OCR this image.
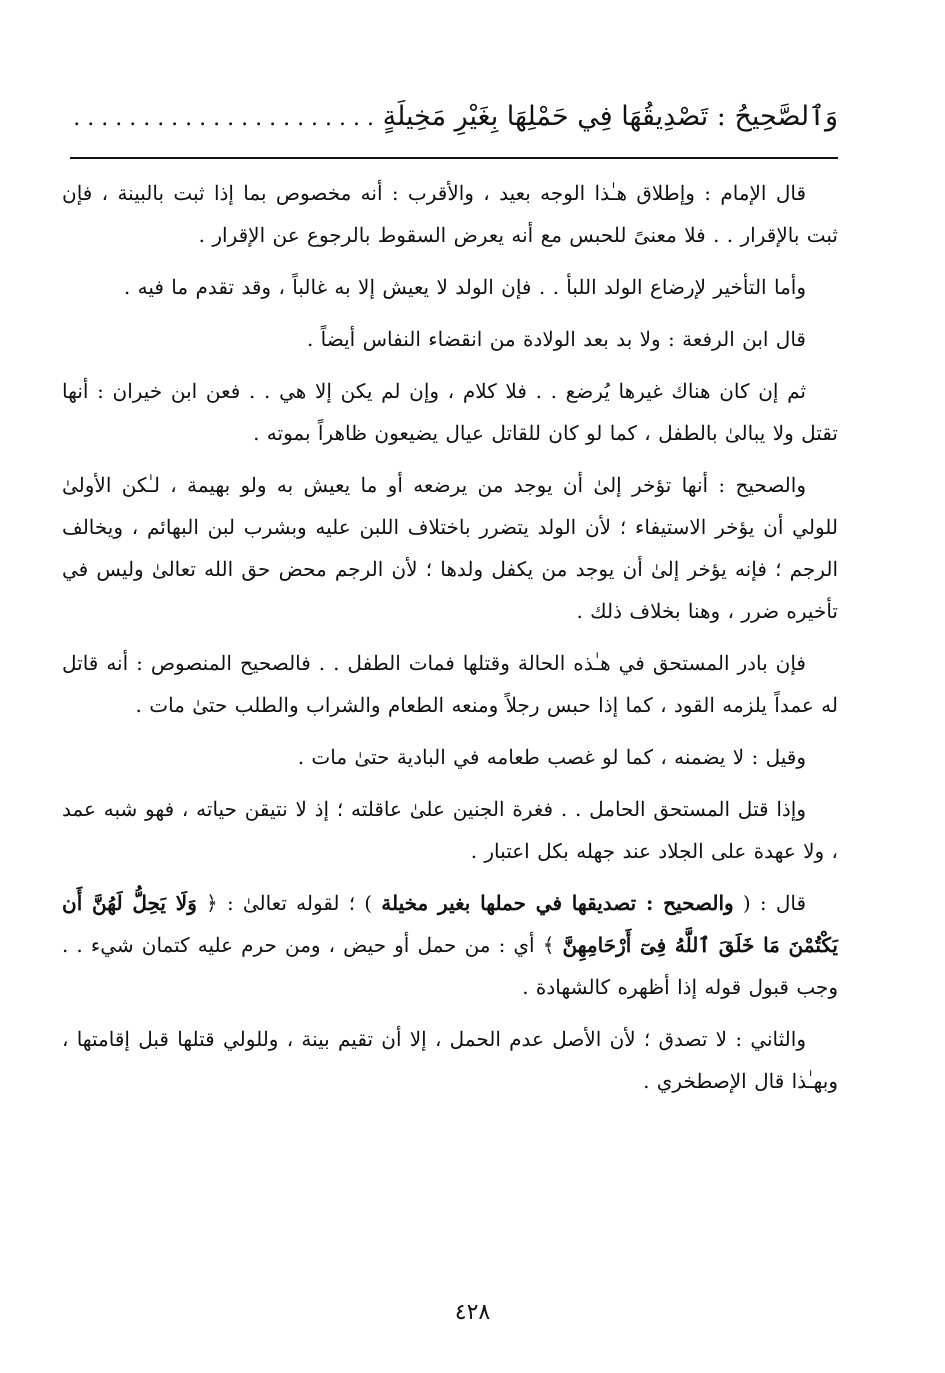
وَٱلصَّحِيحُ : تَصْدِيقُهَا فِي حَمْلِهَا بِغَيْرِ مَخِيلَةٍ . . . . . . . . . . . . . . . . . . . . . .

قال الإمام : وإطلاق هـٰذا الوجه بعيد ، والأقرب : أنه مخصوص بما إذا ثبت بالبينة ، فإن ثبت بالإقرار . . فلا معنىً للحبس مع أنه يعرض السقوط بالرجوع عن الإقرار .

وأما التأخير لإرضاع الولد اللبأ . . فإن الولد لا يعيش إلا به غالباً ، وقد تقدم ما فيه .

قال ابن الرفعة : ولا بد بعد الولادة من انقضاء النفاس أيضاً .

ثم إن كان هناك غيرها يُرضع . . فلا كلام ، وإن لم يكن إلا هي . . فعن ابن خيران : أنها تقتل ولا يبالىٰ بالطفل ، كما لو كان للقاتل عيال يضيعون ظاهراً بموته .

والصحيح : أنها تؤخر إلىٰ أن يوجد من يرضعه أو ما يعيش به ولو بهيمة ، لـٰكن الأولىٰ للولي أن يؤخر الاستيفاء ؛ لأن الولد يتضرر باختلاف اللبن عليه وبشرب لبن البهائم ، ويخالف الرجم ؛ فإنه يؤخر إلىٰ أن يوجد من يكفل ولدها ؛ لأن الرجم محض حق الله تعالىٰ وليس في تأخيره ضرر ، وهنا بخلاف ذلك .

فإن بادر المستحق في هـٰذه الحالة وقتلها فمات الطفل . . فالصحيح المنصوص : أنه قاتل له عمداً يلزمه القود ، كما إذا حبس رجلاً ومنعه الطعام والشراب والطلب حتىٰ مات .

وقيل : لا يضمنه ، كما لو غصب طعامه في البادية حتىٰ مات .

وإذا قتل المستحق الحامل . . فغرة الجنين علىٰ عاقلته ؛ إذ لا نتيقن حياته ، فهو شبه عمد ، ولا عهدة على الجلاد عند جهله بكل اعتبار .

قال : ( والصحيح : تصديقها في حملها بغير مخيلة ) ؛ لقوله تعالىٰ : ﴿ وَلَا يَحِلُّ لَهُنَّ أَن يَكْتُمْنَ مَا خَلَقَ ٱللَّهُ فِىٓ أَرْحَامِهِنَّ ﴾ أي : من حمل أو حيض ، ومن حرم عليه كتمان شيء . . وجب قبول قوله إذا أظهره كالشهادة .

والثاني : لا تصدق ؛ لأن الأصل عدم الحمل ، إلا أن تقيم بينة ، وللولي قتلها قبل إقامتها ، وبهـٰذا قال الإصطخري .

٤٢٨
